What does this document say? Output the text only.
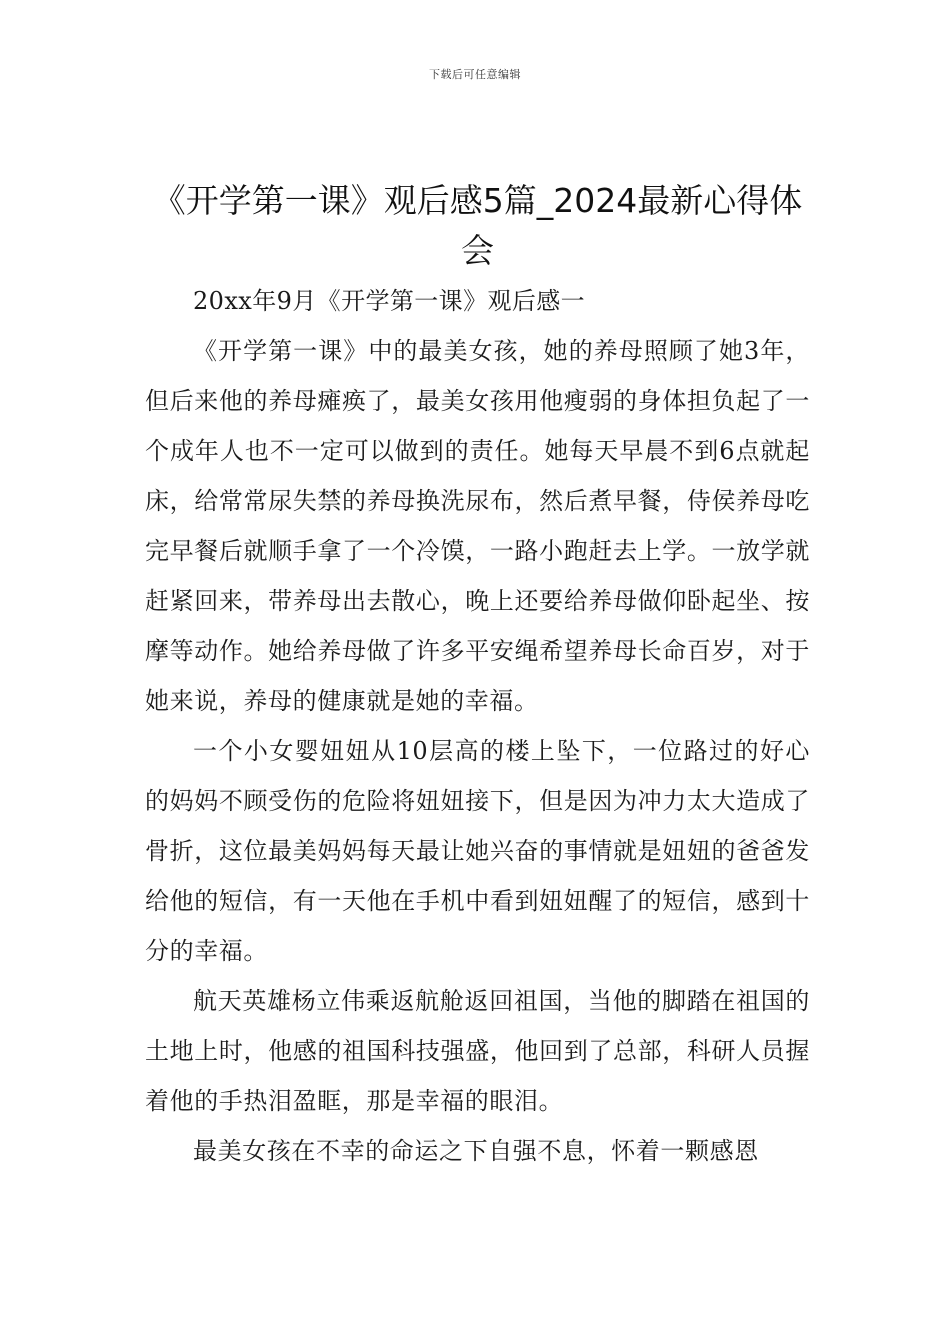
下载后可任意编辑
《开学第一课》观后感5篇_2024最新心得体会

20xx年9月《开学第一课》观后感一

《开学第一课》中的最美女孩，她的养母照顾了她3年，但后来他的养母瘫痪了，最美女孩用他瘦弱的身体担负起了一个成年人也不一定可以做到的责任。她每天早晨不到6点就起床，给常常尿失禁的养母换洗尿布，然后煮早餐，侍侯养母吃完早餐后就顺手拿了一个冷馍，一路小跑赶去上学。一放学就赶紧回来，带养母出去散心，晚上还要给养母做仰卧起坐、按摩等动作。她给养母做了许多平安绳希望养母长命百岁，对于她来说，养母的健康就是她的幸福。

一个小女婴妞妞从10层高的楼上坠下，一位路过的好心的妈妈不顾受伤的危险将妞妞接下，但是因为冲力太大造成了骨折，这位最美妈妈每天最让她兴奋的事情就是妞妞的爸爸发给他的短信，有一天他在手机中看到妞妞醒了的短信，感到十分的幸福。

航天英雄杨立伟乘返航舱返回祖国，当他的脚踏在祖国的土地上时，他感的祖国科技强盛，他回到了总部，科研人员握着他的手热泪盈眶，那是幸福的眼泪。

最美女孩在不幸的命运之下自强不息，怀着一颗感恩
